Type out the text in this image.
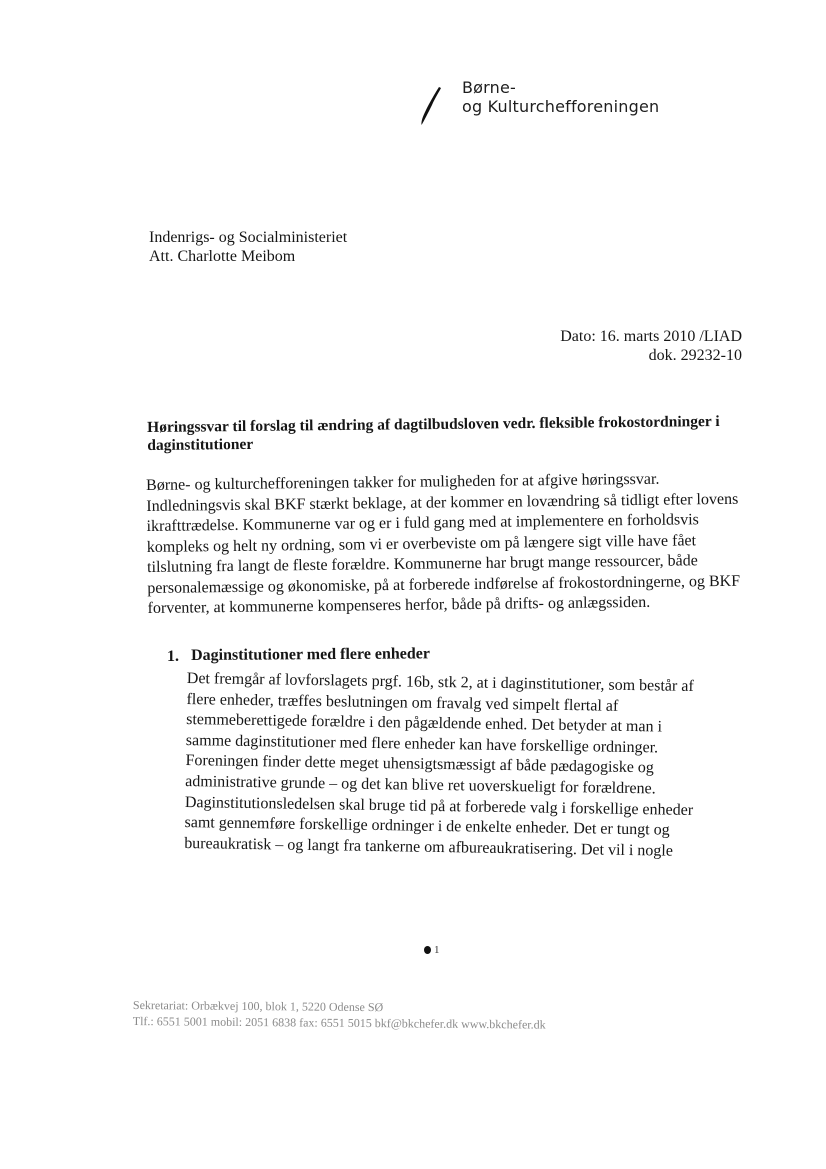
Børne-
og Kulturchefforeningen
Indenrigs- og Socialministeriet
Att. Charlotte Meibom
Dato: 16. marts 2010 /LIAD
dok. 29232-10
Høringssvar til forslag til ændring af dagtilbudsloven vedr. fleksible frokostordninger i daginstitutioner
Børne- og kulturchefforeningen takker for muligheden for at afgive høringssvar.
Indledningsvis skal BKF stærkt beklage, at der kommer en lovændring så tidligt efter lovens
ikrafttrædelse. Kommunerne var og er i fuld gang med at implementere en forholdsvis
kompleks og helt ny ordning, som vi er overbeviste om på længere sigt ville have fået
tilslutning fra langt de fleste forældre. Kommunerne har brugt mange ressourcer, både
personalemæssige og økonomiske, på at forberede indførelse af frokostordningerne, og BKF
forventer, at kommunerne kompenseres herfor, både på drifts- og anlægssiden.
1. Daginstitutioner med flere enheder
Det fremgår af lovforslagets prgf. 16b, stk 2, at i daginstitutioner, som består af
flere enheder, træffes beslutningen om fravalg ved simpelt flertal af
stemmeberettigede forældre i den pågældende enhed. Det betyder at man i
samme daginstitutioner med flere enheder kan have forskellige ordninger.
Foreningen finder dette meget uhensigtsmæssigt af både pædagogiske og
administrative grunde – og det kan blive ret uoverskueligt for forældrene.
Daginstitutionsledelsen skal bruge tid på at forberede valg i forskellige enheder
samt gennemføre forskellige ordninger i de enkelte enheder. Det er tungt og
bureaukratisk – og langt fra tankerne om afbureaukratisering. Det vil i nogle
1
Sekretariat: Orbækvej 100, blok 1, 5220 Odense SØ
Tlf.: 6551 5001 mobil: 2051 6838 fax: 6551 5015 bkf@bkchefer.dk www.bkchefer.dk
